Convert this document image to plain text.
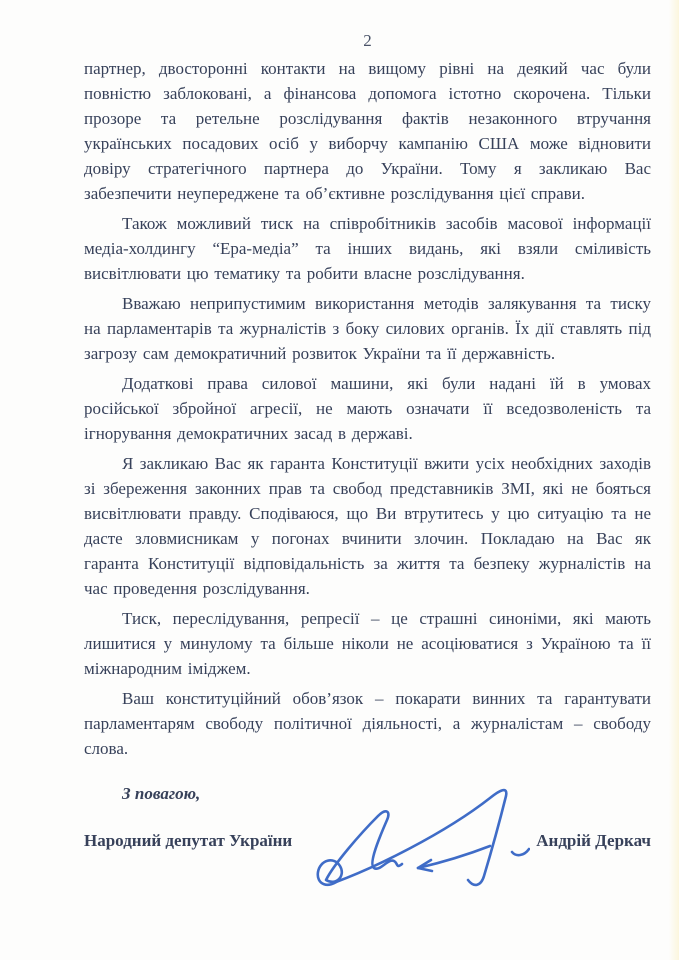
2

партнер, двосторонні контакти на вищому рівні на деякий час були повністю заблоковані, а фінансова допомога істотно скорочена. Тільки прозоре та ретельне розслідування фактів незаконного втручання українських посадових осіб у виборчу кампанію США може відновити довіру стратегічного партнера до України. Тому я закликаю Вас забезпечити неупереджене та об’єктивне розслідування цієї справи.

Також можливий тиск на співробітників засобів масової інформації медіа-холдингу “Ера-медіа” та інших видань, які взяли сміливість висвітлювати цю тематику та робити власне розслідування.

Вважаю неприпустимим використання методів залякування та тиску на парламентарів та журналістів з боку силових органів. Їх дії ставлять під загрозу сам демократичний розвиток України та її державність.

Додаткові права силової машини, які були надані їй в умовах російської збройної агресії, не мають означати її вседозволеність та ігнорування демократичних засад в державі.

Я закликаю Вас як гаранта Конституції вжити усіх необхідних заходів зі збереження законних прав та свобод представників ЗМІ, які не бояться висвітлювати правду. Сподіваюся, що Ви втрутитесь у цю ситуацію та не дасте зловмисникам у погонах вчинити злочин. Покладаю на Вас як гаранта Конституції відповідальність за життя та безпеку журналістів на час проведення розслідування.

Тиск, переслідування, репресії – це страшні синоніми, які мають лишитися у минулому та більше ніколи не асоціюватися з Україною та її міжнародним іміджем.

Ваш конституційний обов’язок – покарати винних та гарантувати парламентарям свободу політичної діяльності, а журналістам – свободу слова.

З повагою,
Народний депутат України	Андрій Деркач
